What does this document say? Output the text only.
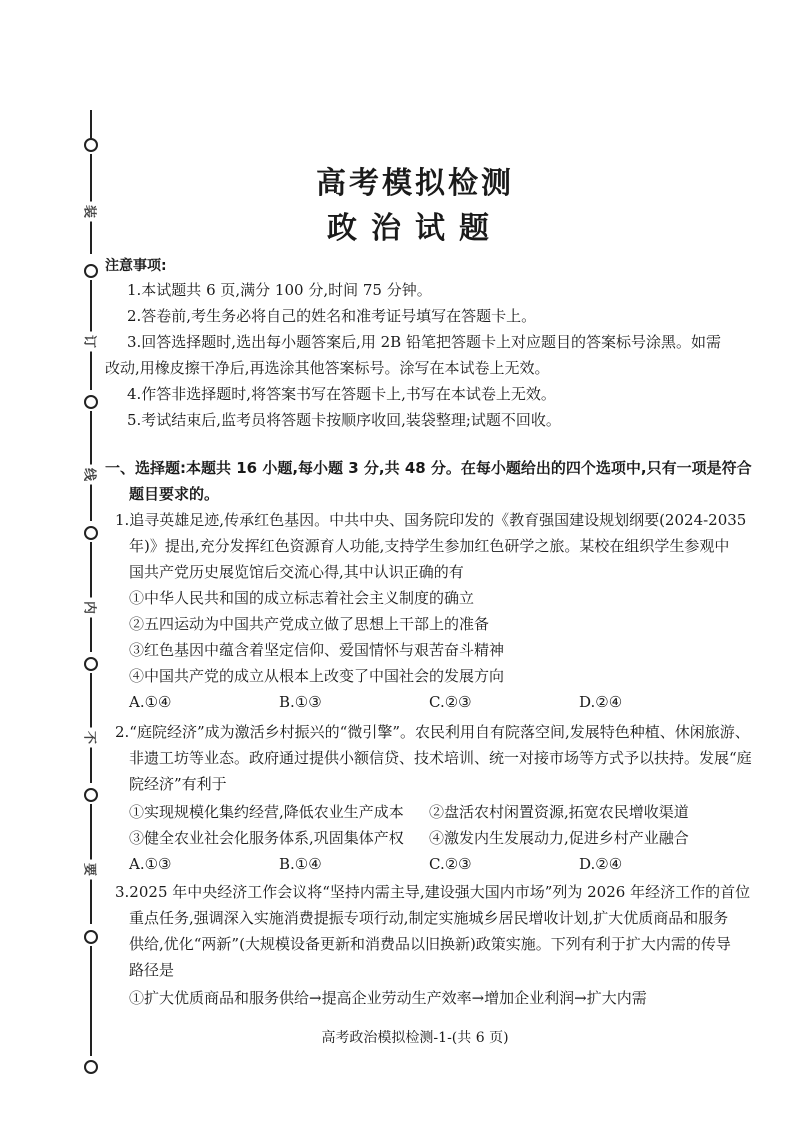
装
订
线
内
不
要
高考模拟检测
政治试题
注意事项:
1.本试题共 6 页,满分 100 分,时间 75 分钟。
2.答卷前,考生务必将自己的姓名和准考证号填写在答题卡上。
3.回答选择题时,选出每小题答案后,用 2B 铅笔把答题卡上对应题目的答案标号涂黑。如需
改动,用橡皮擦干净后,再选涂其他答案标号。涂写在本试卷上无效。
4.作答非选择题时,将答案书写在答题卡上,书写在本试卷上无效。
5.考试结束后,监考员将答题卡按顺序收回,装袋整理;试题不回收。
一、选择题:本题共 16 小题,每小题 3 分,共 48 分。在每小题给出的四个选项中,只有一项是符合
题目要求的。
1.追寻英雄足迹,传承红色基因。中共中央、国务院印发的《教育强国建设规划纲要(2024-2035
年)》提出,充分发挥红色资源育人功能,支持学生参加红色研学之旅。某校在组织学生参观中
国共产党历史展览馆后交流心得,其中认识正确的有
①中华人民共和国的成立标志着社会主义制度的确立
②五四运动为中国共产党成立做了思想上干部上的准备
③红色基因中蕴含着坚定信仰、爱国情怀与艰苦奋斗精神
④中国共产党的成立从根本上改变了中国社会的发展方向
A.①④	B.①③	C.②③	D.②④
2.“庭院经济”成为激活乡村振兴的“微引擎”。农民利用自有院落空间,发展特色种植、休闲旅游、
非遗工坊等业态。政府通过提供小额信贷、技术培训、统一对接市场等方式予以扶持。发展“庭
院经济”有利于
①实现规模化集约经营,降低农业生产成本 ②盘活农村闲置资源,拓宽农民增收渠道
③健全农业社会化服务体系,巩固集体产权 ④激发内生发展动力,促进乡村产业融合
A.①③	B.①④	C.②③	D.②④
3.2025 年中央经济工作会议将“坚持内需主导,建设强大国内市场”列为 2026 年经济工作的首位
重点任务,强调深入实施消费提振专项行动,制定实施城乡居民增收计划,扩大优质商品和服务
供给,优化“两新”(大规模设备更新和消费品以旧换新)政策实施。下列有利于扩大内需的传导
路径是
①扩大优质商品和服务供给→提高企业劳动生产效率→增加企业利润→扩大内需
高考政治模拟检测-1-(共 6 页)
